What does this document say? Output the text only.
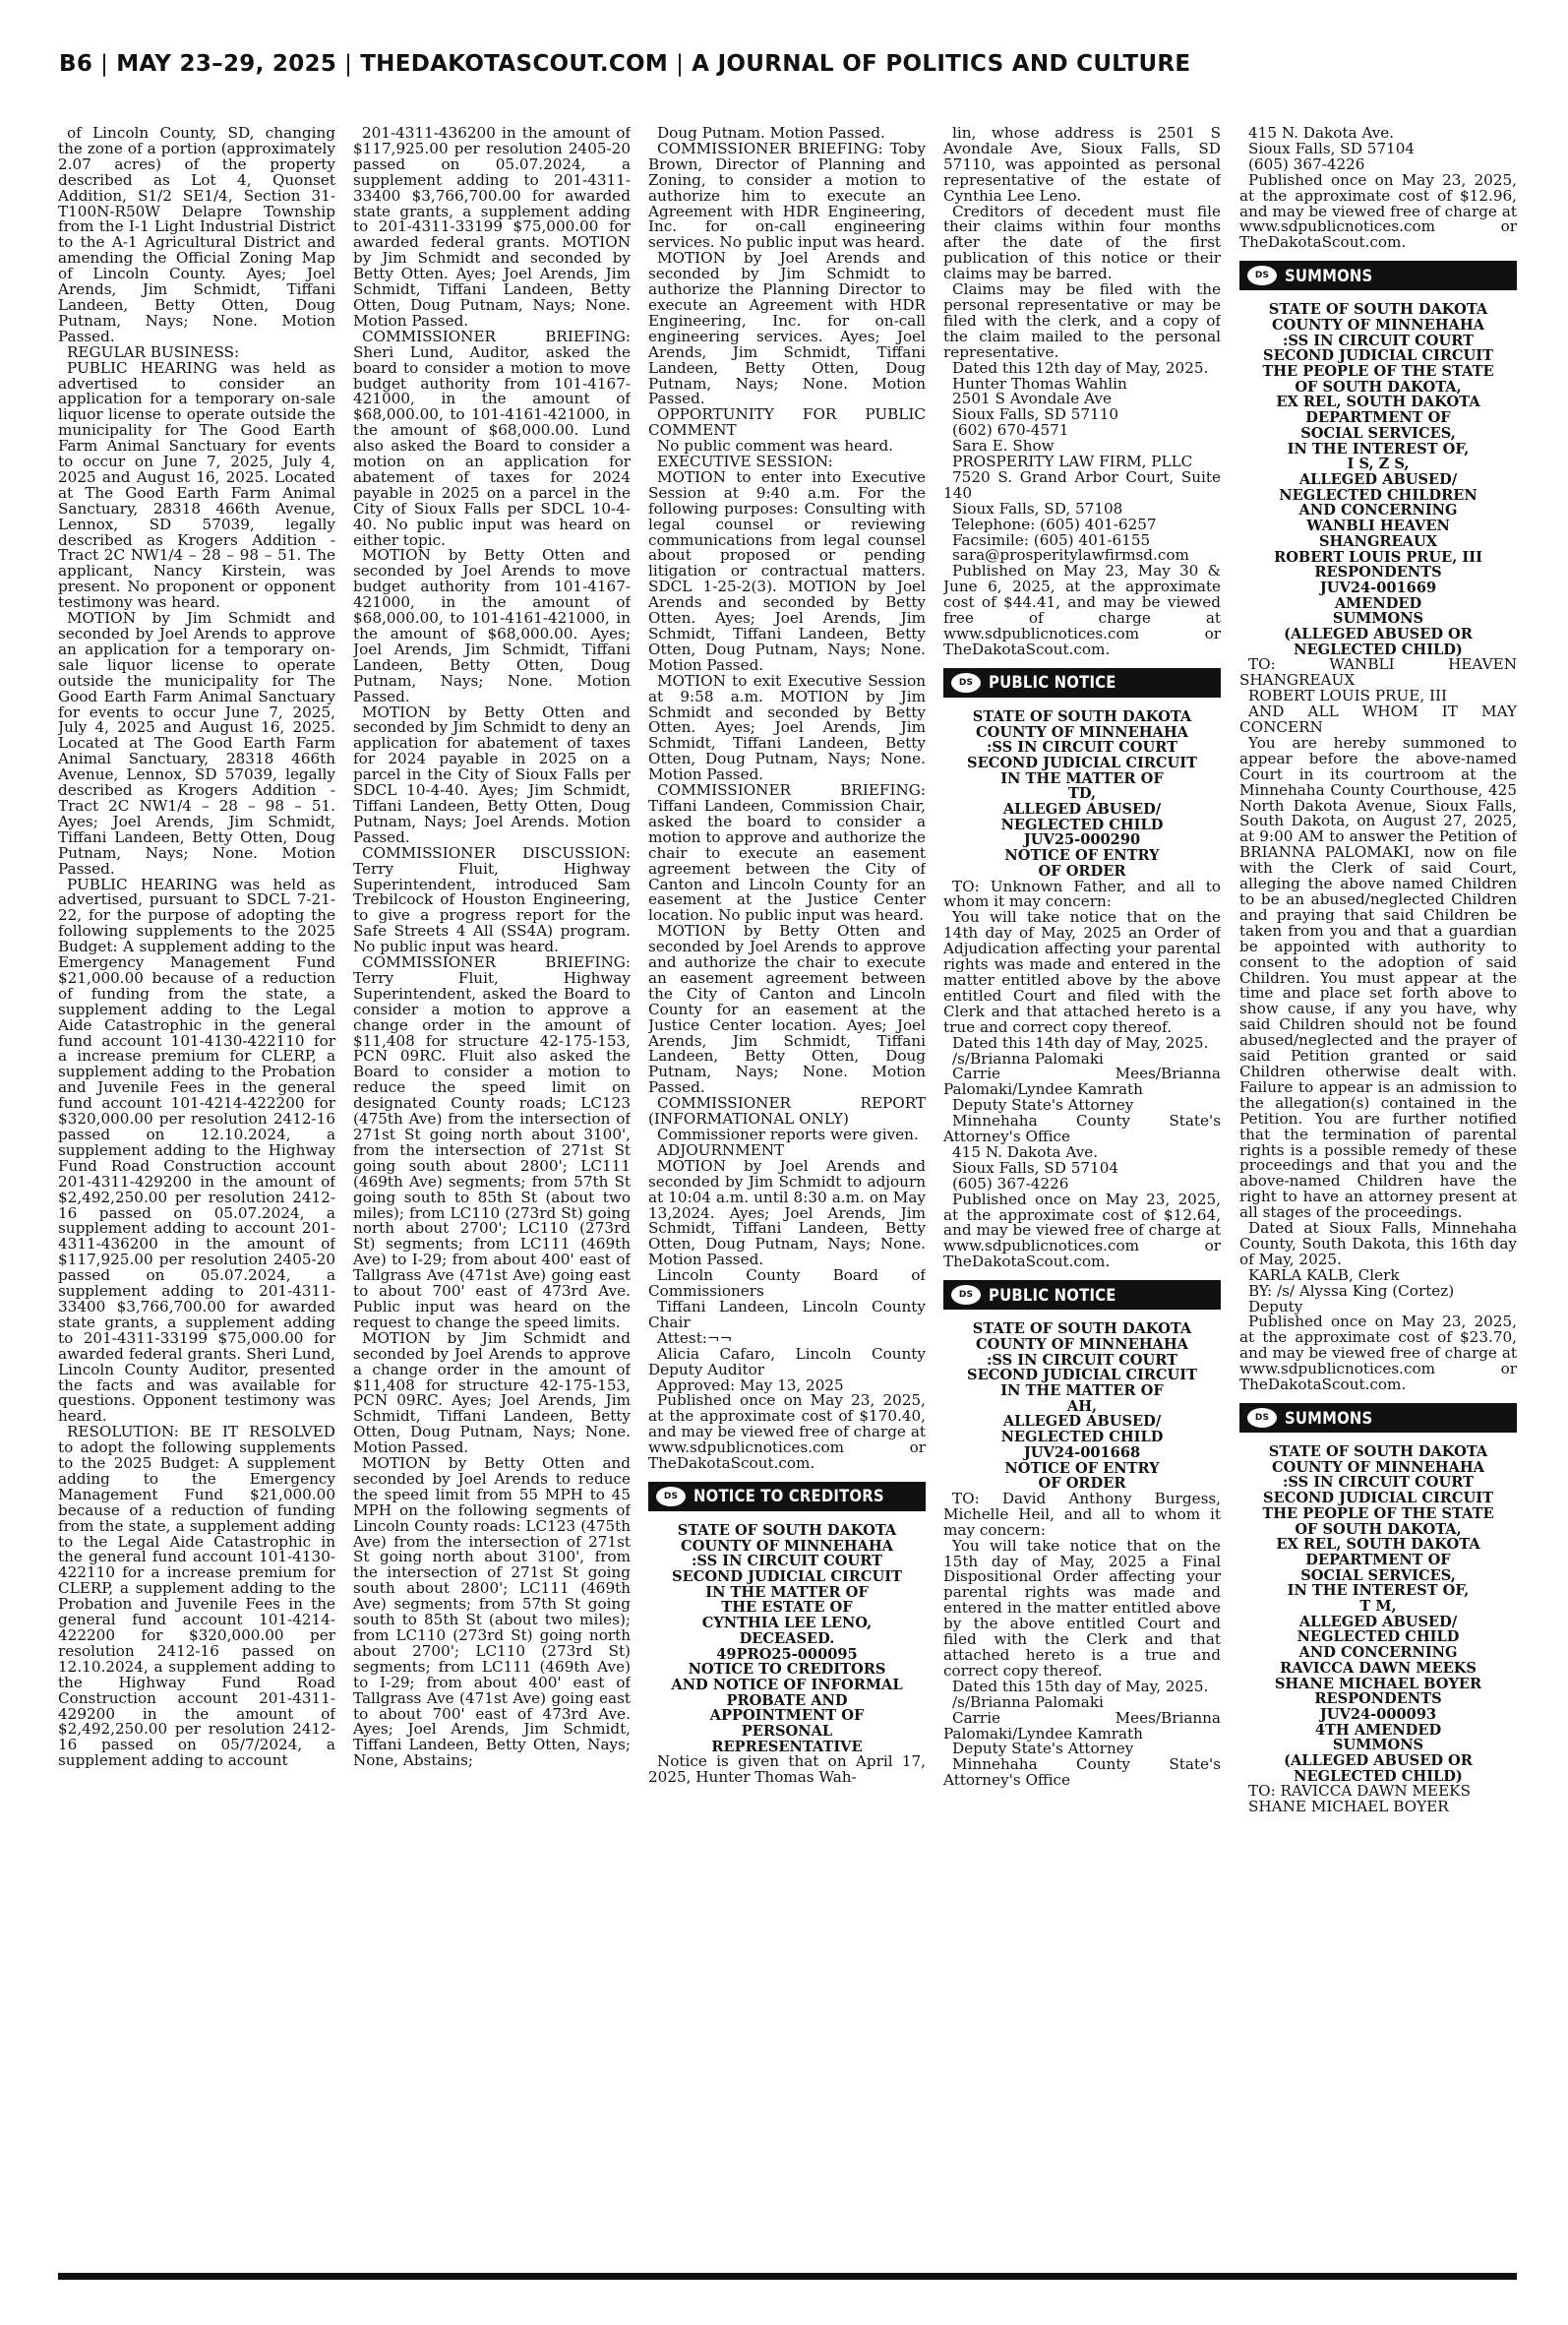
B6 | MAY 23–29, 2025 | THEDAKOTASCOUT.COM | A JOURNAL OF POLITICS AND CULTURE

of Lincoln County, SD, changing the zone of a portion (approximately 2.07 acres) of the property described as Lot 4, Quonset Addition, S1/2 SE1/4, Section 31-T100N-R50W Delapre Township from the I-1 Light Industrial District to the A-1 Agricultural District and amending the Official Zoning Map of Lincoln County. Ayes; Joel Arends, Jim Schmidt, Tiffani Landeen, Betty Otten, Doug Putnam, Nays; None. Motion Passed.

REGULAR BUSINESS:

PUBLIC HEARING was held as advertised to consider an application for a temporary on-sale liquor license to operate outside the municipality for The Good Earth Farm Animal Sanctuary for events to occur on June 7, 2025, July 4, 2025 and August 16, 2025. Located at The Good Earth Farm Animal Sanctuary, 28318 466th Avenue, Lennox, SD 57039, legally described as Krogers Addition - Tract 2C NW1/4 – 28 – 98 – 51. The applicant, Nancy Kirstein, was present. No proponent or opponent testimony was heard.

MOTION by Jim Schmidt and seconded by Joel Arends to approve an application for a temporary on-sale liquor license to operate outside the municipality for The Good Earth Farm Animal Sanctuary for events to occur June 7, 2025, July 4, 2025 and August 16, 2025. Located at The Good Earth Farm Animal Sanctuary, 28318 466th Avenue, Lennox, SD 57039, legally described as Krogers Addition - Tract 2C NW1/4 – 28 – 98 – 51. Ayes; Joel Arends, Jim Schmidt, Tiffani Landeen, Betty Otten, Doug Putnam, Nays; None. Motion Passed.

PUBLIC HEARING was held as advertised, pursuant to SDCL 7-21-22, for the purpose of adopting the following supplements to the 2025 Budget: A supplement adding to the Emergency Management Fund $21,000.00 because of a reduction of funding from the state, a supplement adding to the Legal Aide Catastrophic in the general fund account 101-4130-422110 for a increase premium for CLERP, a supplement adding to the Probation and Juvenile Fees in the general fund account 101-4214-422200 for $320,000.00 per resolution 2412-16 passed on 12.10.2024, a supplement adding to the Highway Fund Road Construction account 201-4311-429200 in the amount of $2,492,250.00 per resolution 2412-16 passed on 05.07.2024, a supplement adding to account 201-4311-436200 in the amount of $117,925.00 per resolution 2405-20 passed on 05.07.2024, a supplement adding to 201-4311-33400 $3,766,700.00 for awarded state grants, a supplement adding to 201-4311-33199 $75,000.00 for awarded federal grants. Sheri Lund, Lincoln County Auditor, presented the facts and was available for questions. Opponent testimony was heard.

RESOLUTION: BE IT RESOLVED to adopt the following supplements to the 2025 Budget: A supplement adding to the Emergency Management Fund $21,000.00 because of a reduction of funding from the state, a supplement adding to the Legal Aide Catastrophic in the general fund account 101-4130-422110 for a increase premium for CLERP, a supplement adding to the Probation and Juvenile Fees in the general fund account 101-4214-422200 for $320,000.00 per resolution 2412-16 passed on 12.10.2024, a supplement adding to the Highway Fund Road Construction account 201-4311-429200 in the amount of $2,492,250.00 per resolution 2412-16 passed on 05/7/2024, a supplement adding to account

201-4311-436200 in the amount of $117,925.00 per resolution 2405-20 passed on 05.07.2024, a supplement adding to 201-4311-33400 $3,766,700.00 for awarded state grants, a supplement adding to 201-4311-33199 $75,000.00 for awarded federal grants. MOTION by Jim Schmidt and seconded by Betty Otten. Ayes; Joel Arends, Jim Schmidt, Tiffani Landeen, Betty Otten, Doug Putnam, Nays; None. Motion Passed.

COMMISSIONER BRIEFING: Sheri Lund, Auditor, asked the board to consider a motion to move budget authority from 101-4167-421000, in the amount of $68,000.00, to 101-4161-421000, in the amount of $68,000.00. Lund also asked the Board to consider a motion on an application for abatement of taxes for 2024 payable in 2025 on a parcel in the City of Sioux Falls per SDCL 10-4-40. No public input was heard on either topic.

MOTION by Betty Otten and seconded by Joel Arends to move budget authority from 101-4167-421000, in the amount of $68,000.00, to 101-4161-421000, in the amount of $68,000.00. Ayes; Joel Arends, Jim Schmidt, Tiffani Landeen, Betty Otten, Doug Putnam, Nays; None. Motion Passed.

MOTION by Betty Otten and seconded by Jim Schmidt to deny an application for abatement of taxes for 2024 payable in 2025 on a parcel in the City of Sioux Falls per SDCL 10-4-40. Ayes; Jim Schmidt, Tiffani Landeen, Betty Otten, Doug Putnam, Nays; Joel Arends. Motion Passed.

COMMISSIONER DISCUSSION: Terry Fluit, Highway Superintendent, introduced Sam Trebilcock of Houston Engineering, to give a progress report for the Safe Streets 4 All (SS4A) program. No public input was heard.

COMMISSIONER BRIEFING: Terry Fluit, Highway Superintendent, asked the Board to consider a motion to approve a change order in the amount of $11,408 for structure 42-175-153, PCN 09RC. Fluit also asked the Board to consider a motion to reduce the speed limit on designated County roads; LC123 (475th Ave) from the intersection of 271st St going north about 3100', from the intersection of 271st St going south about 2800'; LC111 (469th Ave) segments; from 57th St going south to 85th St (about two miles); from LC110 (273rd St) going north about 2700'; LC110 (273rd St) segments; from LC111 (469th Ave) to I-29; from about 400' east of Tallgrass Ave (471st Ave) going east to about 700' east of 473rd Ave. Public input was heard on the request to change the speed limits.

MOTION by Jim Schmidt and seconded by Joel Arends to approve a change order in the amount of $11,408 for structure 42-175-153, PCN 09RC. Ayes; Joel Arends, Jim Schmidt, Tiffani Landeen, Betty Otten, Doug Putnam, Nays; None. Motion Passed.

MOTION by Betty Otten and seconded by Joel Arends to reduce the speed limit from 55 MPH to 45 MPH on the following segments of Lincoln County roads: LC123 (475th Ave) from the intersection of 271st St going north about 3100', from the intersection of 271st St going south about 2800'; LC111 (469th Ave) segments; from 57th St going south to 85th St (about two miles); from LC110 (273rd St) going north about 2700'; LC110 (273rd St) segments; from LC111 (469th Ave) to I-29; from about 400' east of Tallgrass Ave (471st Ave) going east to about 700' east of 473rd Ave. Ayes; Joel Arends, Jim Schmidt, Tiffani Landeen, Betty Otten, Nays; None, Abstains;

Doug Putnam. Motion Passed.

COMMISSIONER BRIEFING: Toby Brown, Director of Planning and Zoning, to consider a motion to authorize him to execute an Agreement with HDR Engineering, Inc. for on-call engineering services. No public input was heard.

MOTION by Joel Arends and seconded by Jim Schmidt to authorize the Planning Director to execute an Agreement with HDR Engineering, Inc. for on-call engineering services. Ayes; Joel Arends, Jim Schmidt, Tiffani Landeen, Betty Otten, Doug Putnam, Nays; None. Motion Passed.

OPPORTUNITY FOR PUBLIC COMMENT

No public comment was heard.

EXECUTIVE SESSION:

MOTION to enter into Executive Session at 9:40 a.m. For the following purposes: Consulting with legal counsel or reviewing communications from legal counsel about proposed or pending litigation or contractual matters. SDCL 1-25-2(3). MOTION by Joel Arends and seconded by Betty Otten. Ayes; Joel Arends, Jim Schmidt, Tiffani Landeen, Betty Otten, Doug Putnam, Nays; None. Motion Passed.

MOTION to exit Executive Session at 9:58 a.m. MOTION by Jim Schmidt and seconded by Betty Otten. Ayes; Joel Arends, Jim Schmidt, Tiffani Landeen, Betty Otten, Doug Putnam, Nays; None. Motion Passed.

COMMISSIONER BRIEFING: Tiffani Landeen, Commission Chair, asked the board to consider a motion to approve and authorize the chair to execute an easement agreement between the City of Canton and Lincoln County for an easement at the Justice Center location. No public input was heard.

MOTION by Betty Otten and seconded by Joel Arends to approve and authorize the chair to execute an easement agreement between the City of Canton and Lincoln County for an easement at the Justice Center location. Ayes; Joel Arends, Jim Schmidt, Tiffani Landeen, Betty Otten, Doug Putnam, Nays; None. Motion Passed.

COMMISSIONER REPORT (INFORMATIONAL ONLY)

Commissioner reports were given.

ADJOURNMENT

MOTION by Joel Arends and seconded by Jim Schmidt to adjourn at 10:04 a.m. until 8:30 a.m. on May 13,2024. Ayes; Joel Arends, Jim Schmidt, Tiffani Landeen, Betty Otten, Doug Putnam, Nays; None. Motion Passed.

Lincoln County Board of Commissioners

Tiffani Landeen, Lincoln County Chair

Attest:¬¬

Alicia Cafaro, Lincoln County Deputy Auditor

Approved: May 13, 2025

Published once on May 23, 2025, at the approximate cost of $170.40, and may be viewed free of charge at www.sdpublicnotices.com or TheDakotaScout.com.

DS NOTICE TO CREDITORS

STATE OF SOUTH DAKOTA

COUNTY OF MINNEHAHA

:SS IN CIRCUIT COURT

SECOND JUDICIAL CIRCUIT

IN THE MATTER OF

THE ESTATE OF

CYNTHIA LEE LENO,

DECEASED.

49PRO25-000095

NOTICE TO CREDITORS

AND NOTICE OF INFORMAL

PROBATE AND

APPOINTMENT OF

PERSONAL

REPRESENTATIVE

Notice is given that on April 17, 2025, Hunter Thomas Wah-

lin, whose address is 2501 S Avondale Ave, Sioux Falls, SD 57110, was appointed as personal representative of the estate of Cynthia Lee Leno.

Creditors of decedent must file their claims within four months after the date of the first publication of this notice or their claims may be barred.

Claims may be filed with the personal representative or may be filed with the clerk, and a copy of the claim mailed to the personal representative.

Dated this 12th day of May, 2025.

Hunter Thomas Wahlin

2501 S Avondale Ave

Sioux Falls, SD 57110

(602) 670-4571

Sara E. Show

PROSPERITY LAW FIRM, PLLC

7520 S. Grand Arbor Court, Suite 140

Sioux Falls, SD, 57108

Telephone: (605) 401-6257

Facsimile: (605) 401-6155

sara@prosperitylawfirmsd.com

Published on May 23, May 30 & June 6, 2025, at the approximate cost of $44.41, and may be viewed free of charge at www.sdpublicnotices.com or TheDakotaScout.com.

DS PUBLIC NOTICE

STATE OF SOUTH DAKOTA

COUNTY OF MINNEHAHA

:SS IN CIRCUIT COURT

SECOND JUDICIAL CIRCUIT

IN THE MATTER OF

TD,

ALLEGED ABUSED/

NEGLECTED CHILD

JUV25-000290

NOTICE OF ENTRY

OF ORDER

TO: Unknown Father, and all to whom it may concern:

You will take notice that on the 14th day of May, 2025 an Order of Adjudication affecting your parental rights was made and entered in the matter entitled above by the above entitled Court and filed with the Clerk and that attached hereto is a true and correct copy thereof.

Dated this 14th day of May, 2025.

/s/Brianna Palomaki

Carrie Mees/Brianna Palomaki/Lyndee Kamrath

Deputy State's Attorney

Minnehaha County State's Attorney's Office

415 N. Dakota Ave.

Sioux Falls, SD 57104

(605) 367-4226

Published once on May 23, 2025, at the approximate cost of $12.64, and may be viewed free of charge at www.sdpublicnotices.com or TheDakotaScout.com.

DS PUBLIC NOTICE

STATE OF SOUTH DAKOTA

COUNTY OF MINNEHAHA

:SS IN CIRCUIT COURT

SECOND JUDICIAL CIRCUIT

IN THE MATTER OF

AH,

ALLEGED ABUSED/

NEGLECTED CHILD

JUV24-001668

NOTICE OF ENTRY

OF ORDER

TO: David Anthony Burgess, Michelle Heil, and all to whom it may concern:

You will take notice that on the 15th day of May, 2025 a Final Dispositional Order affecting your parental rights was made and entered in the matter entitled above by the above entitled Court and filed with the Clerk and that attached hereto is a true and correct copy thereof.

Dated this 15th day of May, 2025.

/s/Brianna Palomaki

Carrie Mees/Brianna Palomaki/Lyndee Kamrath

Deputy State's Attorney

Minnehaha County State's Attorney's Office

415 N. Dakota Ave.

Sioux Falls, SD 57104

(605) 367-4226

Published once on May 23, 2025, at the approximate cost of $12.96, and may be viewed free of charge at www.sdpublicnotices.com or TheDakotaScout.com.

DS SUMMONS

STATE OF SOUTH DAKOTA

COUNTY OF MINNEHAHA

:SS IN CIRCUIT COURT

SECOND JUDICIAL CIRCUIT

THE PEOPLE OF THE STATE

OF SOUTH DAKOTA,

EX REL, SOUTH DAKOTA

DEPARTMENT OF

SOCIAL SERVICES,

IN THE INTEREST OF,

I S, Z S,

ALLEGED ABUSED/

NEGLECTED CHILDREN

AND CONCERNING

WANBLI HEAVEN

SHANGREAUX

ROBERT LOUIS PRUE, III

RESPONDENTS

JUV24-001669

AMENDED

SUMMONS

(ALLEGED ABUSED OR

NEGLECTED CHILD)

TO: WANBLI HEAVEN SHANGREAUX

ROBERT LOUIS PRUE, III

AND ALL WHOM IT MAY CONCERN

You are hereby summoned to appear before the above-named Court in its courtroom at the Minnehaha County Courthouse, 425 North Dakota Avenue, Sioux Falls, South Dakota, on August 27, 2025, at 9:00 AM to answer the Petition of BRIANNA PALOMAKI, now on file with the Clerk of said Court, alleging the above named Children to be an abused/neglected Children and praying that said Children be taken from you and that a guardian be appointed with authority to consent to the adoption of said Children. You must appear at the time and place set forth above to show cause, if any you have, why said Children should not be found abused/neglected and the prayer of said Petition granted or said Children otherwise dealt with. Failure to appear is an admission to the allegation(s) contained in the Petition. You are further notified that the termination of parental rights is a possible remedy of these proceedings and that you and the above-named Children have the right to have an attorney present at all stages of the proceedings.

Dated at Sioux Falls, Minnehaha County, South Dakota, this 16th day of May, 2025.

KARLA KALB, Clerk

BY: /s/ Alyssa King (Cortez)

Deputy

Published once on May 23, 2025, at the approximate cost of $23.70, and may be viewed free of charge at www.sdpublicnotices.com or TheDakotaScout.com.

DS SUMMONS

STATE OF SOUTH DAKOTA

COUNTY OF MINNEHAHA

:SS IN CIRCUIT COURT

SECOND JUDICIAL CIRCUIT

THE PEOPLE OF THE STATE

OF SOUTH DAKOTA,

EX REL, SOUTH DAKOTA

DEPARTMENT OF

SOCIAL SERVICES,

IN THE INTEREST OF,

T M,

ALLEGED ABUSED/

NEGLECTED CHILD

AND CONCERNING

RAVICCA DAWN MEEKS

SHANE MICHAEL BOYER

RESPONDENTS

JUV24-000093

4TH AMENDED

SUMMONS

(ALLEGED ABUSED OR

NEGLECTED CHILD)

TO: RAVICCA DAWN MEEKS

SHANE MICHAEL BOYER
